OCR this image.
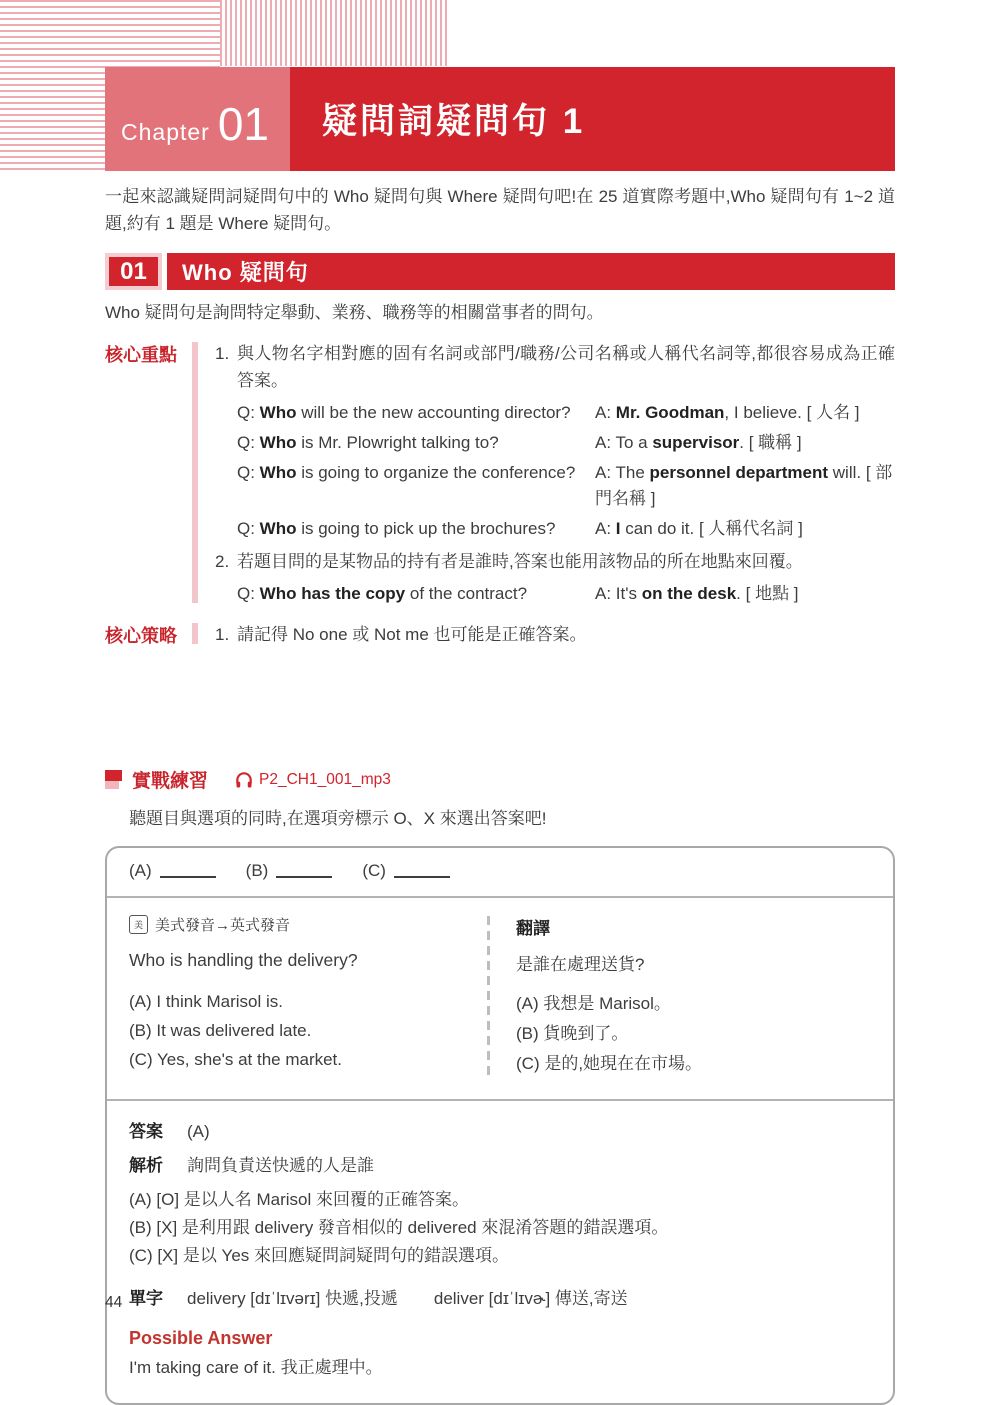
Chapter 01	疑問詞疑問句 1

一起來認識疑問詞疑問句中的 Who 疑問句與 Where 疑問句吧!在 25 道實際考題中,Who 疑問句有 1~2 道題,約有 1 題是 Where 疑問句。

01	Who 疑問句
Who 疑問句是詢問特定舉動、業務、職務等的相關當事者的問句。
核心重點	1. 與人物名字相對應的固有名詞或部門/職務/公司名稱或人稱代名詞等,都很容易成為正確答案。
Q: Who will be the new accounting director?	A: Mr. Goodman, I believe. [ 人名 ]
Q: Who is Mr. Plowright talking to?	A: To a supervisor. [ 職稱 ]
Q: Who is going to organize the conference?	A: The personnel department will. [ 部門名稱 ]
Q: Who is going to pick up the brochures?	A: I can do it. [ 人稱代名詞 ]
2. 若題目問的是某物品的持有者是誰時,答案也能用該物品的所在地點來回覆。
Q: Who has the copy of the contract?	A: It's on the desk. [ 地點 ]
核心策略	1. 請記得 No one 或 Not me 也可能是正確答案。
實戰練習	P2_CH1_001_mp3
聽題目與選項的同時,在選項旁標示 O、X 來選出答案吧!
(A)	(B)	(C)
美 美式發音→英式發音
Who is handling the delivery?
(A) I think Marisol is.
(B) It was delivered late.
(C) Yes, she's at the market.
翻譯
是誰在處理送貨?
(A) 我想是 Marisol。
(B) 貨晚到了。
(C) 是的,她現在在市場。
答案	(A)
解析	詢問負責送快遞的人是誰
(A) [O] 是以人名 Marisol 來回覆的正確答案。
(B) [X] 是利用跟 delivery 發音相似的 delivered 來混淆答題的錯誤選項。
(C) [X] 是以 Yes 來回應疑問詞疑問句的錯誤選項。
單字	delivery [dɪˈlɪvərɪ] 快遞,投遞 deliver [dɪˈlɪvɚ] 傳送,寄送
Possible Answer
I'm taking care of it. 我正處理中。
44
